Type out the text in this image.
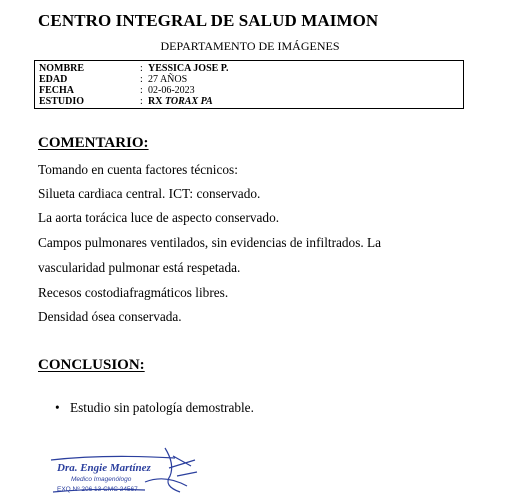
CENTRO INTEGRAL DE SALUD MAIMON
DEPARTAMENTO DE IMÁGENES
NOMBRE	: YESSICA JOSE P.
EDAD	: 27 AÑOS
FECHA	: 02-06-2023
ESTUDIO	: RX TORAX PA
COMENTARIO:
Tomando en cuenta factores técnicos:
Silueta cardiaca central. ICT: conservado.
La aorta torácica luce de aspecto conservado.
Campos pulmonares ventilados, sin evidencias de infiltrados. La
vascularidad pulmonar está respetada.
Recesos costodiafragmáticos libres.
Densidad ósea conservada.
CONCLUSION:
• Estudio sin patología demostrable.
Dra. Engie Martínez
Medico Imagenólogo
EXQ Nº 206 13 CMC 24567
